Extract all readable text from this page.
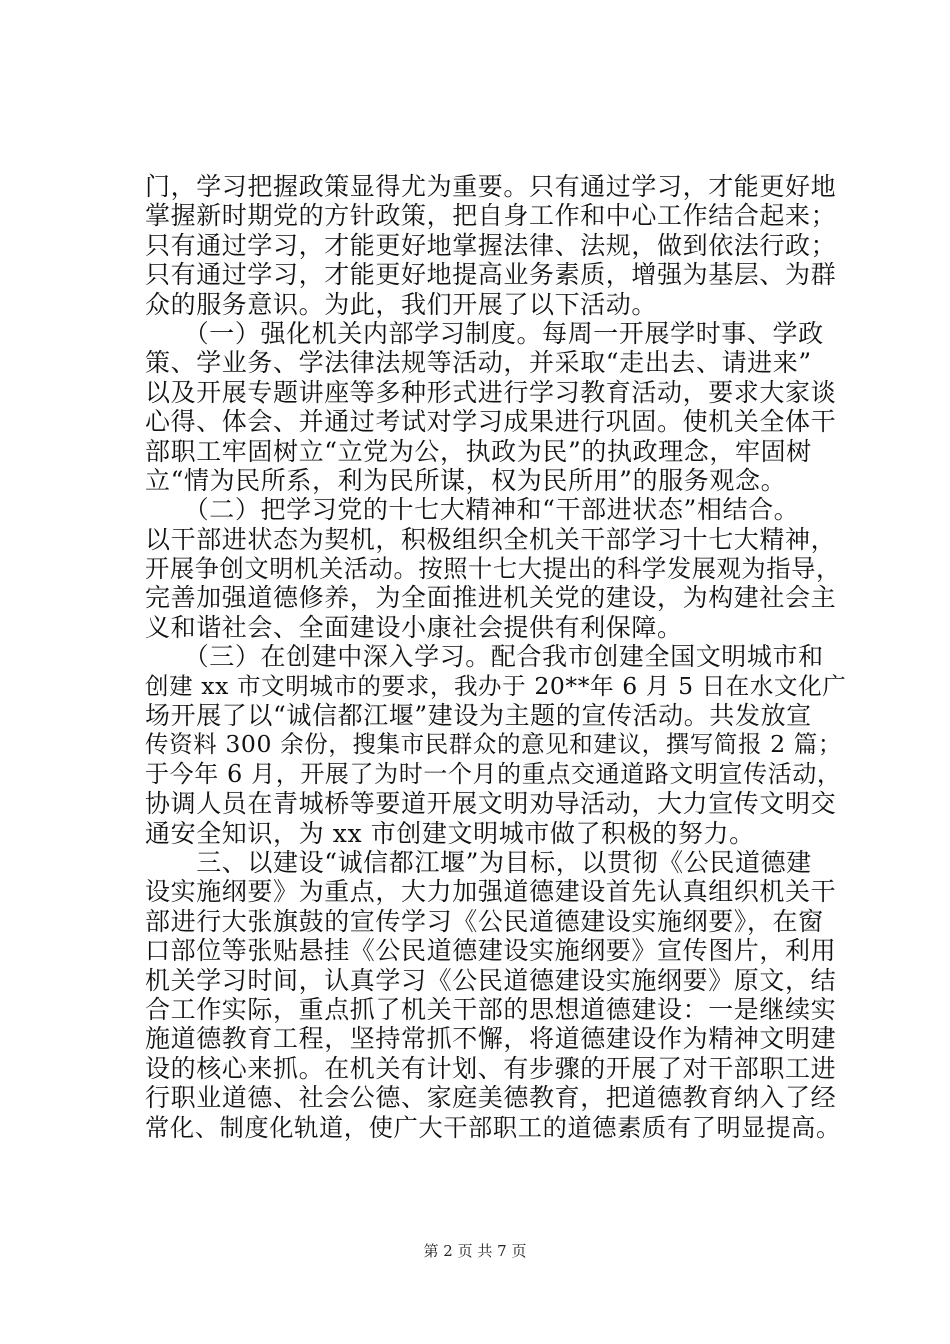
门，学习把握政策显得尤为重要。只有通过学习，才能更好地
掌握新时期党的方针政策，把自身工作和中心工作结合起来；
只有通过学习，才能更好地掌握法律、法规，做到依法行政；
只有通过学习，才能更好地提高业务素质，增强为基层、为群
众的服务意识。为此，我们开展了以下活动。
　　（一）强化机关内部学习制度。每周一开展学时事、学政
策、学业务、学法律法规等活动，并采取“走出去、请进来”
以及开展专题讲座等多种形式进行学习教育活动，要求大家谈
心得、体会、并通过考试对学习成果进行巩固。使机关全体干
部职工牢固树立“立党为公，执政为民”的执政理念，牢固树
立“情为民所系，利为民所谋，权为民所用”的服务观念。
　　（二）把学习党的十七大精神和“干部进状态”相结合。
以干部进状态为契机，积极组织全机关干部学习十七大精神，
开展争创文明机关活动。按照十七大提出的科学发展观为指导，
完善加强道德修养，为全面推进机关党的建设，为构建社会主
义和谐社会、全面建设小康社会提供有利保障。
　　（三）在创建中深入学习。配合我市创建全国文明城市和
创建 xx 市文明城市的要求，我办于 20**年 6 月 5 日在水文化广
场开展了以“诚信都江堰”建设为主题的宣传活动。共发放宣
传资料 300 余份，搜集市民群众的意见和建议，撰写简报 2 篇；
于今年 6 月，开展了为时一个月的重点交通道路文明宣传活动，
协调人员在青城桥等要道开展文明劝导活动，大力宣传文明交
通安全知识，为 xx 市创建文明城市做了积极的努力。
　　三、以建设“诚信都江堰”为目标，以贯彻《公民道德建
设实施纲要》为重点，大力加强道德建设首先认真组织机关干
部进行大张旗鼓的宣传学习《公民道德建设实施纲要》，在窗
口部位等张贴悬挂《公民道德建设实施纲要》宣传图片，利用
机关学习时间，认真学习《公民道德建设实施纲要》原文，结
合工作实际，重点抓了机关干部的思想道德建设：一是继续实
施道德教育工程，坚持常抓不懈，将道德建设作为精神文明建
设的核心来抓。在机关有计划、有步骤的开展了对干部职工进
行职业道德、社会公德、家庭美德教育，把道德教育纳入了经
常化、制度化轨道，使广大干部职工的道德素质有了明显提高。
第 2 页 共 7 页
